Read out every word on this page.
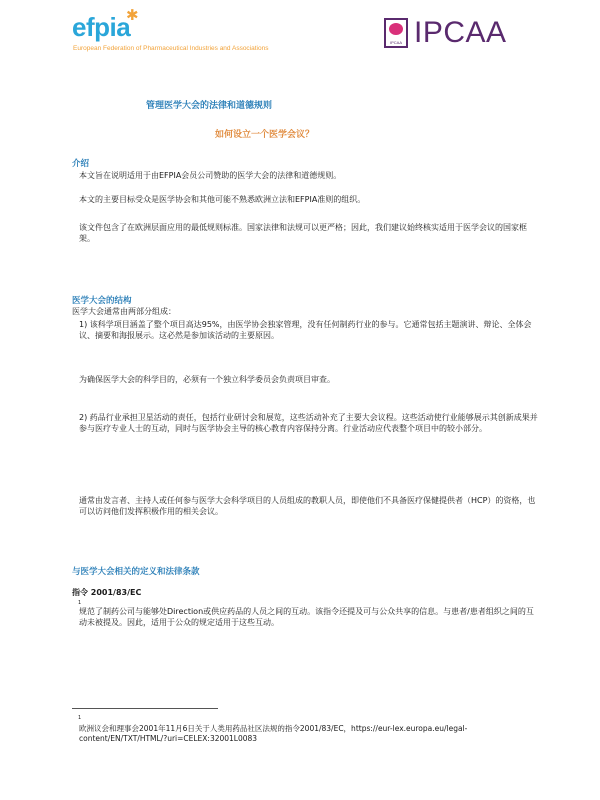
efpia
✱
European Federation of Pharmaceutical Industries and Associations
IPCAA IPCAA
管理医学大会的法律和道德规则
如何设立一个医学会议？
介绍
本文旨在说明适用于由EFPIA会员公司赞助的医学大会的法律和道德规则。
本文的主要目标受众是医学协会和其他可能不熟悉欧洲立法和EFPIA准则的组织。
该文件包含了在欧洲层面应用的最低规则标准。国家法律和法规可以更严格；因此，我们建议始终核实适用于医学会议的国家框架。
医学大会的结构
医学大会通常由两部分组成：
1) 该科学项目涵盖了整个项目高达95%，由医学协会独家管理，没有任何制药行业的参与。它通常包括主题演讲、辩论、全体会议、摘要和海报展示。这必然是参加该活动的主要原因。
为确保医学大会的科学目的，必须有一个独立科学委员会负责项目审查。
2) 药品行业承担卫星活动的责任，包括行业研讨会和展览，这些活动补充了主要大会议程。这些活动使行业能够展示其创新成果并参与医疗专业人士的互动，同时与医学协会主导的核心教育内容保持分离。行业活动应代表整个项目中的较小部分。
通常由发言者、主持人或任何参与医学大会科学项目的人员组成的教职人员，即使他们不具备医疗保健提供者（HCP）的资格，也可以访问他们发挥积极作用的相关会议。
与医学大会相关的定义和法律条款
指令 2001/83/EC
1
规范了制药公司与能够处Direction或供应药品的人员之间的互动。该指令还提及可与公众共享的信息。与患者/患者组织之间的互动未被提及。因此，适用于公众的规定适用于这些互动。
1
欧洲议会和理事会2001年11月6日关于人类用药品社区法规的指令2001/83/EC，https://eur-lex.europa.eu/legal-content/EN/TXT/HTML/?uri=CELEX:32001L0083
